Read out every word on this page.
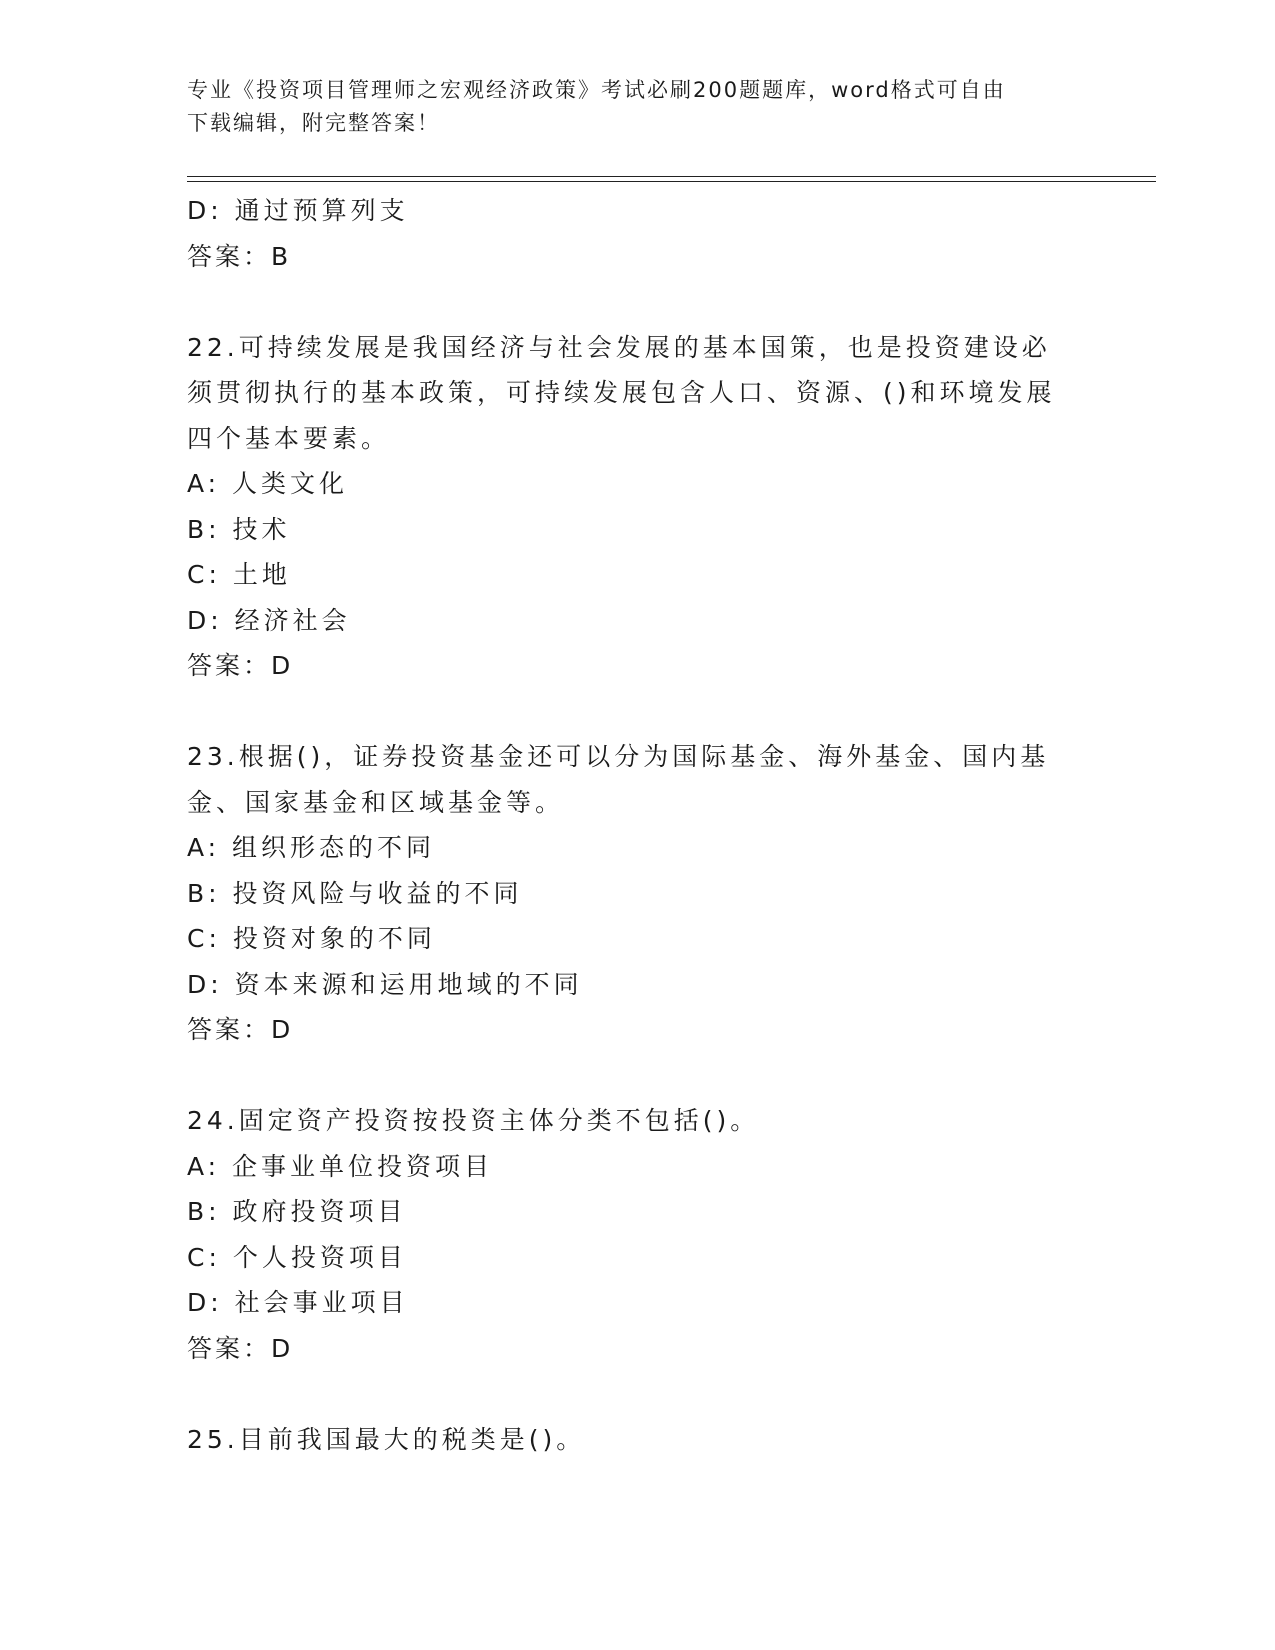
专业《投资项目管理师之宏观经济政策》考试必刷200题题库，word格式可自由
下载编辑，附完整答案！
D: 通过预算列支
答案：B
22.可持续发展是我国经济与社会发展的基本国策，也是投资建设必须贯彻执行的基本政策，可持续发展包含人口、资源、()和环境发展四个基本要素。
A: 人类文化
B: 技术
C: 土地
D: 经济社会
答案：D
23.根据()，证券投资基金还可以分为国际基金、海外基金、国内基金、国家基金和区域基金等。
A: 组织形态的不同
B: 投资风险与收益的不同
C: 投资对象的不同
D: 资本来源和运用地域的不同
答案：D
24.固定资产投资按投资主体分类不包括()。
A: 企事业单位投资项目
B: 政府投资项目
C: 个人投资项目
D: 社会事业项目
答案：D
25.目前我国最大的税类是()。
